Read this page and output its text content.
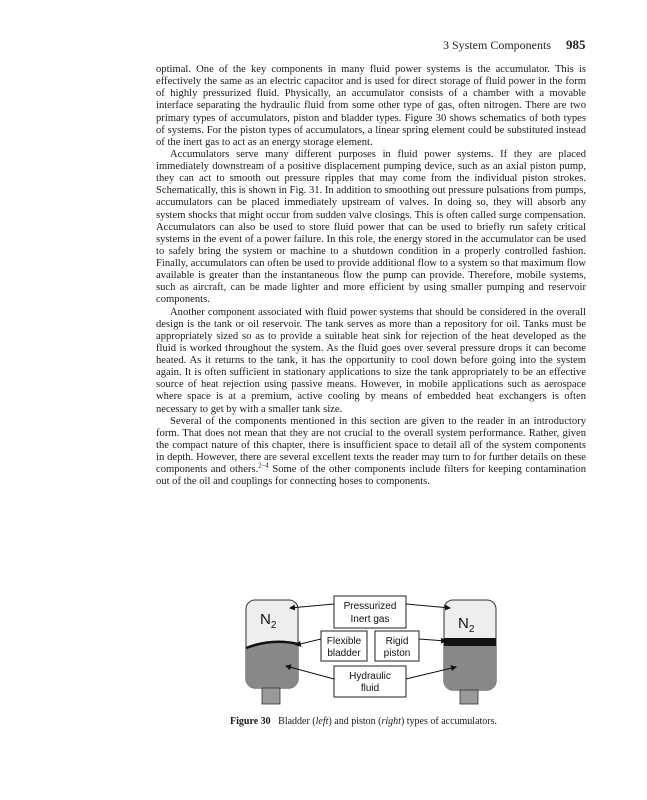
3 System Components 985

optimal. One of the key components in many fluid power systems is the accumulator. This is effectively the same as an electric capacitor and is used for direct storage of fluid power in the form of highly pressurized fluid. Physically, an accumulator consists of a chamber with a movable interface separating the hydraulic fluid from some other type of gas, often nitrogen. There are two primary types of accumulators, piston and bladder types. Figure 30 shows schematics of both types of systems. For the piston types of accumulators, a linear spring element could be substituted instead of the inert gas to act as an energy storage element.

Accumulators serve many different purposes in fluid power systems. If they are placed immediately downstream of a positive displacement pumping device, such as an axial piston pump, they can act to smooth out pressure ripples that may come from the individual piston strokes. Schematically, this is shown in Fig. 31. In addition to smoothing out pressure pulsations from pumps, accumulators can be placed immediately upstream of valves. In doing so, they will absorb any system shocks that might occur from sudden valve closings. This is often called surge compensation. Accumulators can also be used to store fluid power that can be used to briefly run safety critical systems in the event of a power failure. In this role, the energy stored in the accumulator can be used to safely bring the system or machine to a shutdown condition in a properly controlled fashion. Finally, accumulators can often be used to provide additional flow to a system so that maximum flow available is greater than the instantaneous flow the pump can provide. Therefore, mobile systems, such as aircraft, can be made lighter and more efficient by using smaller pumping and reservoir components.

Another component associated with fluid power systems that should be considered in the overall design is the tank or oil reservoir. The tank serves as more than a repository for oil. Tanks must be appropriately sized so as to provide a suitable heat sink for rejection of the heat developed as the fluid is worked throughout the system. As the fluid goes over several pressure drops it can become heated. As it returns to the tank, it has the opportunity to cool down before going into the system again. It is often sufficient in stationary applications to size the tank appropriately to be an effective source of heat rejection using passive means. However, in mobile applications such as aerospace where space is at a premium, active cooling by means of embedded heat exchangers is often necessary to get by with a smaller tank size.

Several of the components mentioned in this section are given to the reader in an introductory form. That does not mean that they are not crucial to the overall system performance. Rather, given the compact nature of this chapter, there is insufficient space to detail all of the system components in depth. However, there are several excellent texts the reader may turn to for further details on these components and others.$^{2-4}$ Some of the other components include filters for keeping contamination out of the oil and couplings for connecting hoses to components.

$N_2$	$N_2$
Pressurized
Inert gas
Flexible
bladder
Rigid
piston
Hydraulic
fluid
Figure 30 Bladder (left) and piston (right) types of accumulators.
